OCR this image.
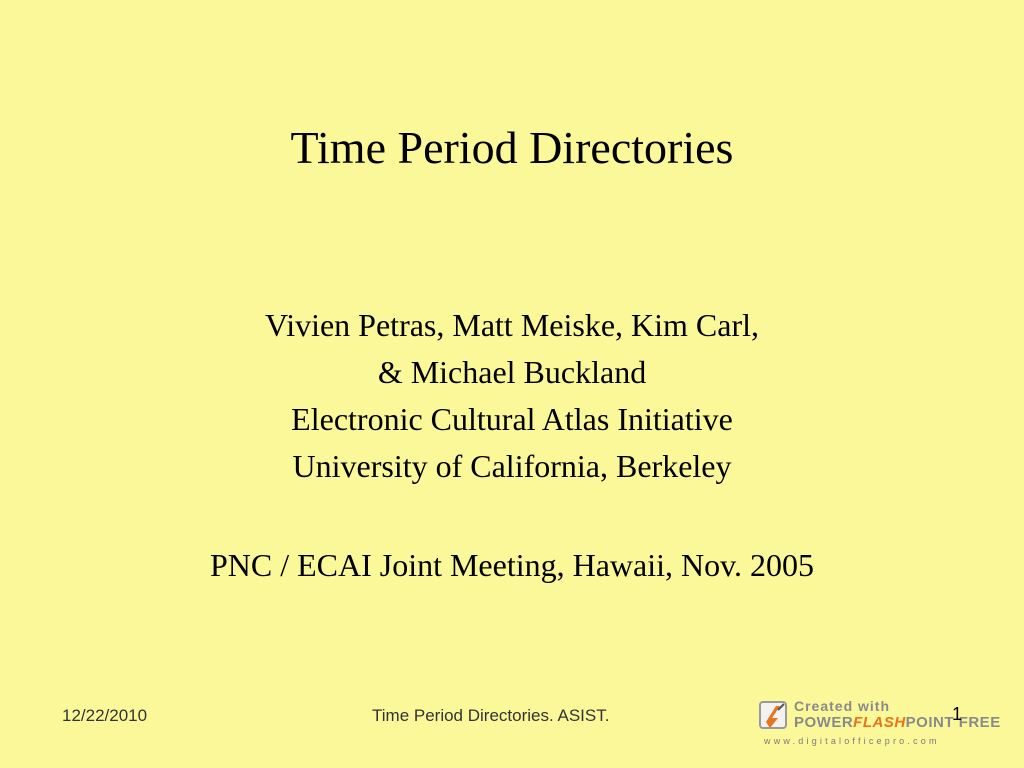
Time Period Directories
Vivien Petras, Matt Meiske, Kim Carl,
& Michael Buckland
Electronic Cultural Atlas Initiative
University of California, Berkeley
PNC / ECAI Joint Meeting, Hawaii, Nov. 2005
12/22/2010	Time Period Directories. ASIST.	Created with
POWERFLASHPOINT FREE
www.digitalofficepro.com
1
